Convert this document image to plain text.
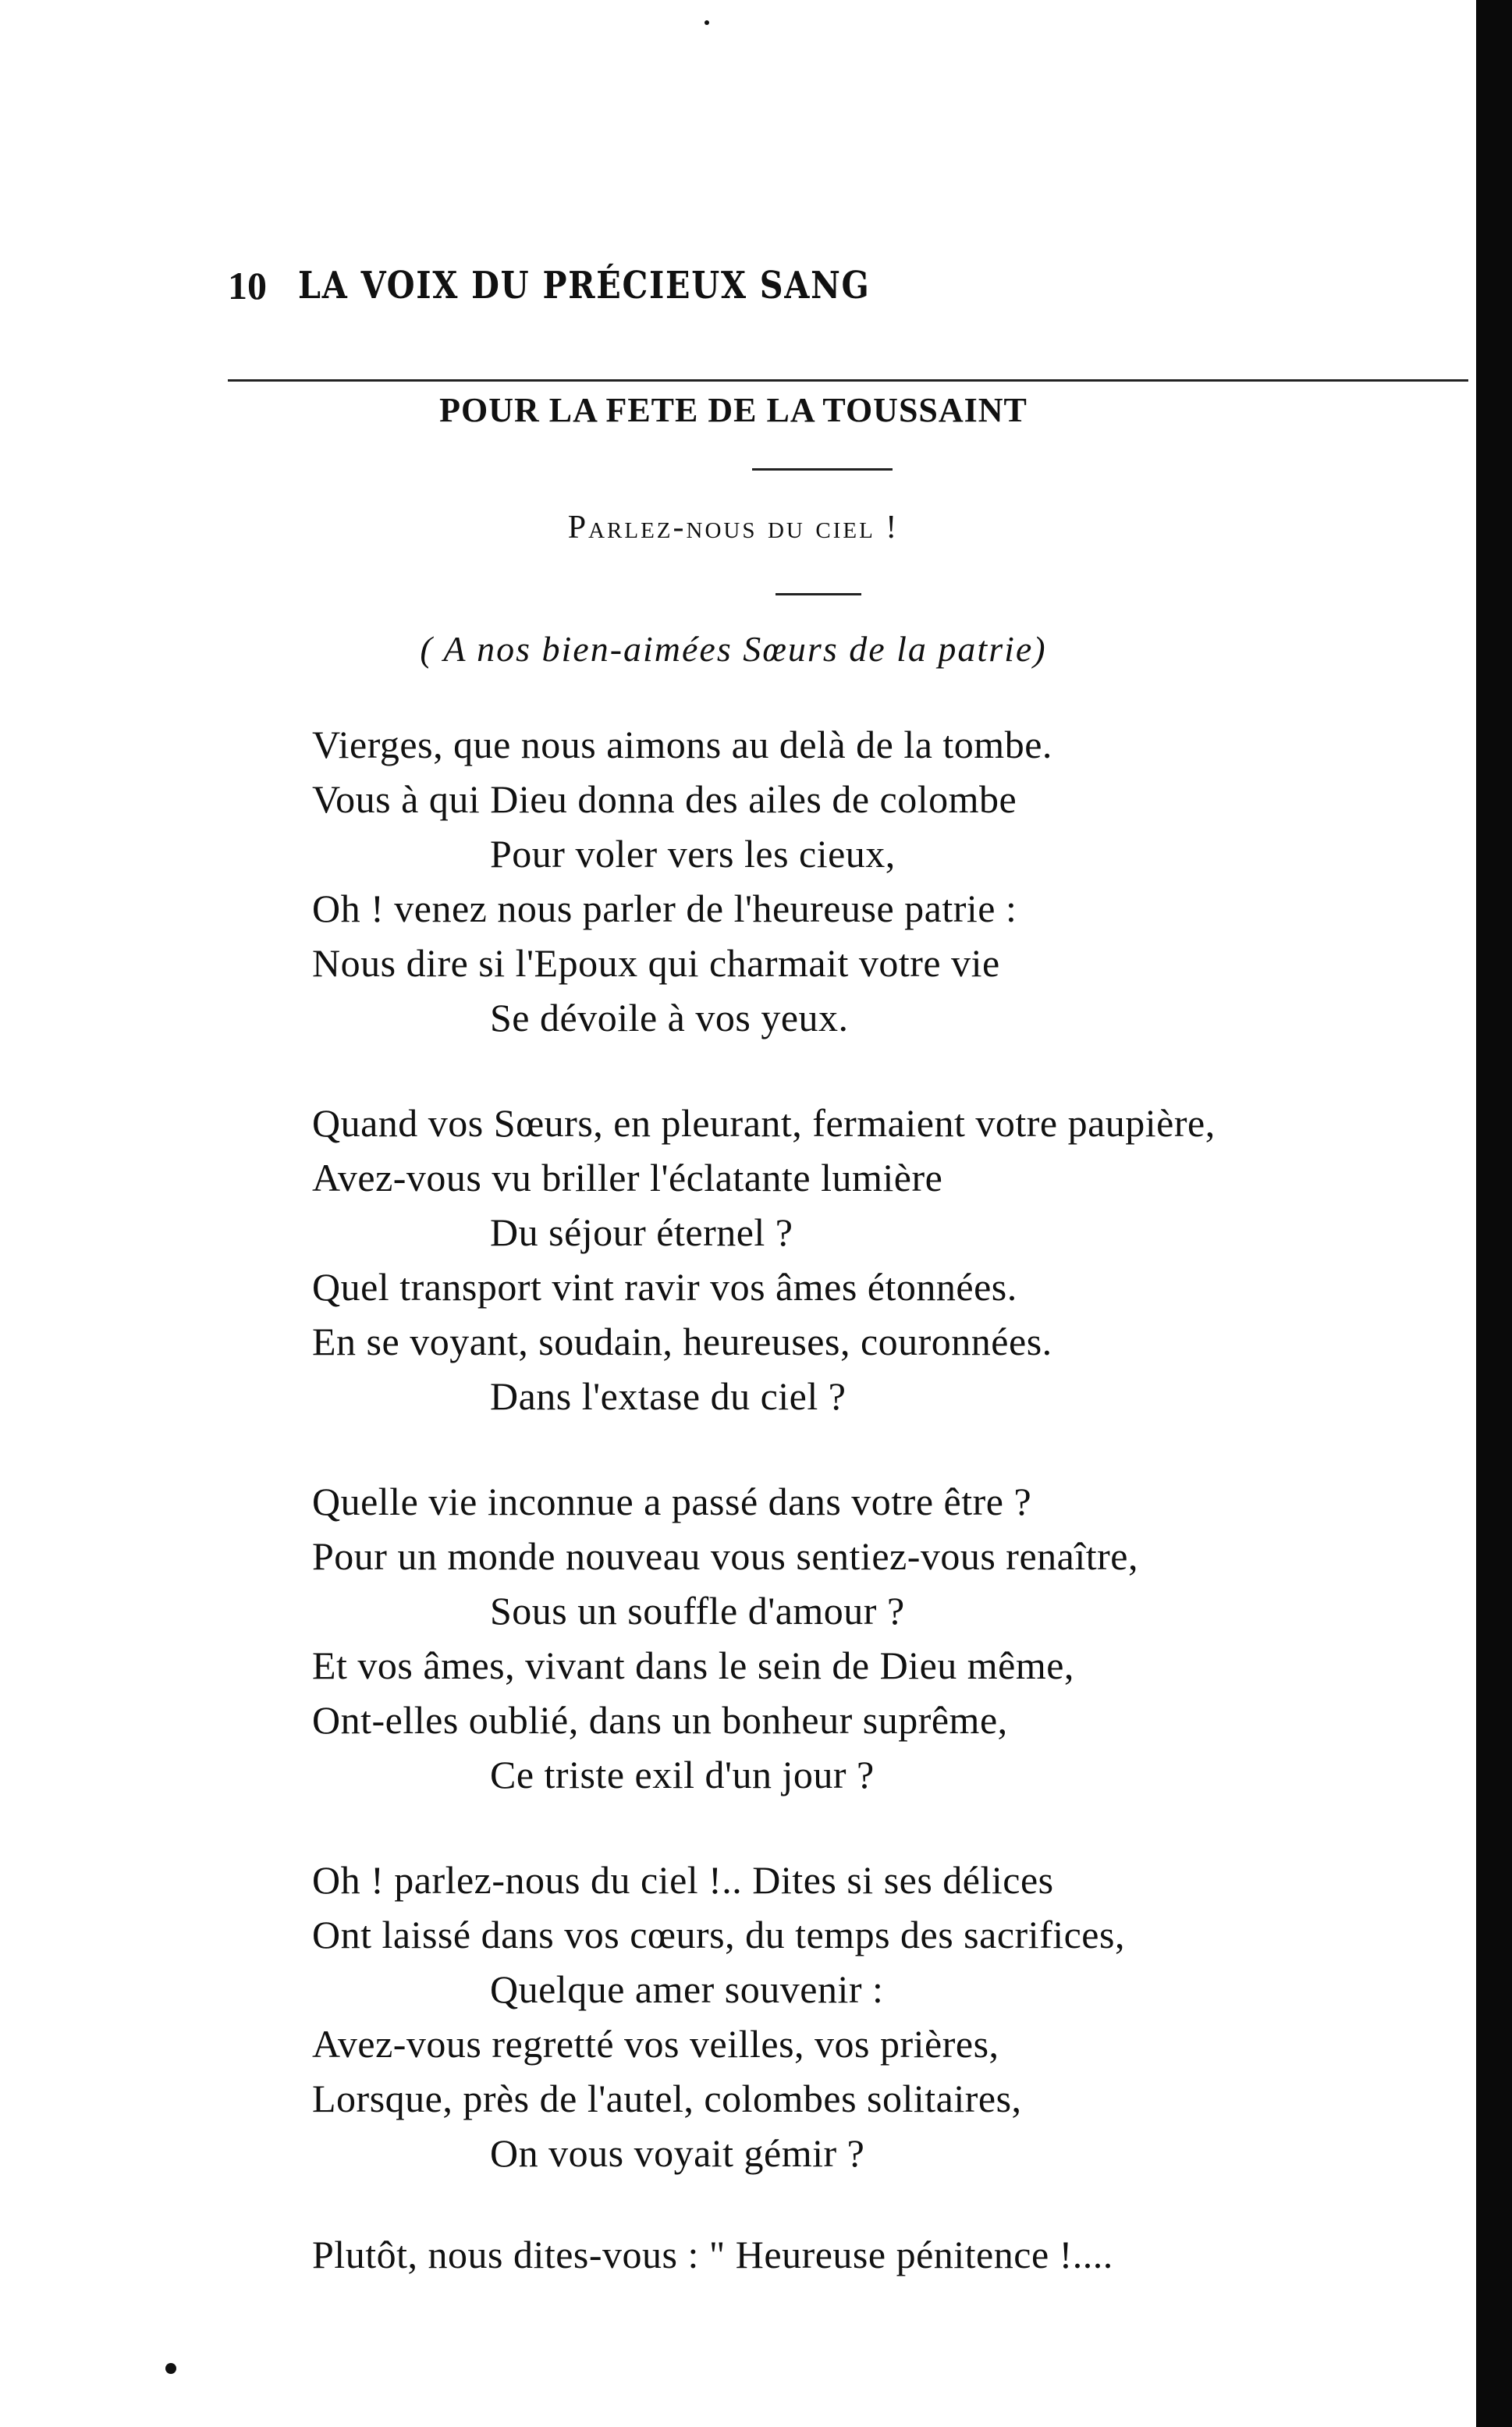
10 LA VOIX DU PRÉCIEUX SANG
POUR LA FETE DE LA TOUSSAINT
Parlez-nous du ciel !
( A nos bien-aimées Sœurs de la patrie)
Vierges, que nous aimons au delà de la tombe.
Vous à qui Dieu donna des ailes de colombe
Pour voler vers les cieux,
Oh ! venez nous parler de l'heureuse patrie :
Nous dire si l'Epoux qui charmait votre vie
Se dévoile à vos yeux.
Quand vos Sœurs, en pleurant, fermaient votre paupière,
Avez-vous vu briller l'éclatante lumière
Du séjour éternel ?
Quel transport vint ravir vos âmes étonnées.
En se voyant, soudain, heureuses, couronnées.
Dans l'extase du ciel ?
Quelle vie inconnue a passé dans votre être ?
Pour un monde nouveau vous sentiez-vous renaître,
Sous un souffle d'amour ?
Et vos âmes, vivant dans le sein de Dieu même,
Ont-elles oublié, dans un bonheur suprême,
Ce triste exil d'un jour ?
Oh ! parlez-nous du ciel !.. Dites si ses délices
Ont laissé dans vos cœurs, du temps des sacrifices,
Quelque amer souvenir :
Avez-vous regretté vos veilles, vos prières,
Lorsque, près de l'autel, colombes solitaires,
On vous voyait gémir ?
Plutôt, nous dites-vous : " Heureuse pénitence !....
